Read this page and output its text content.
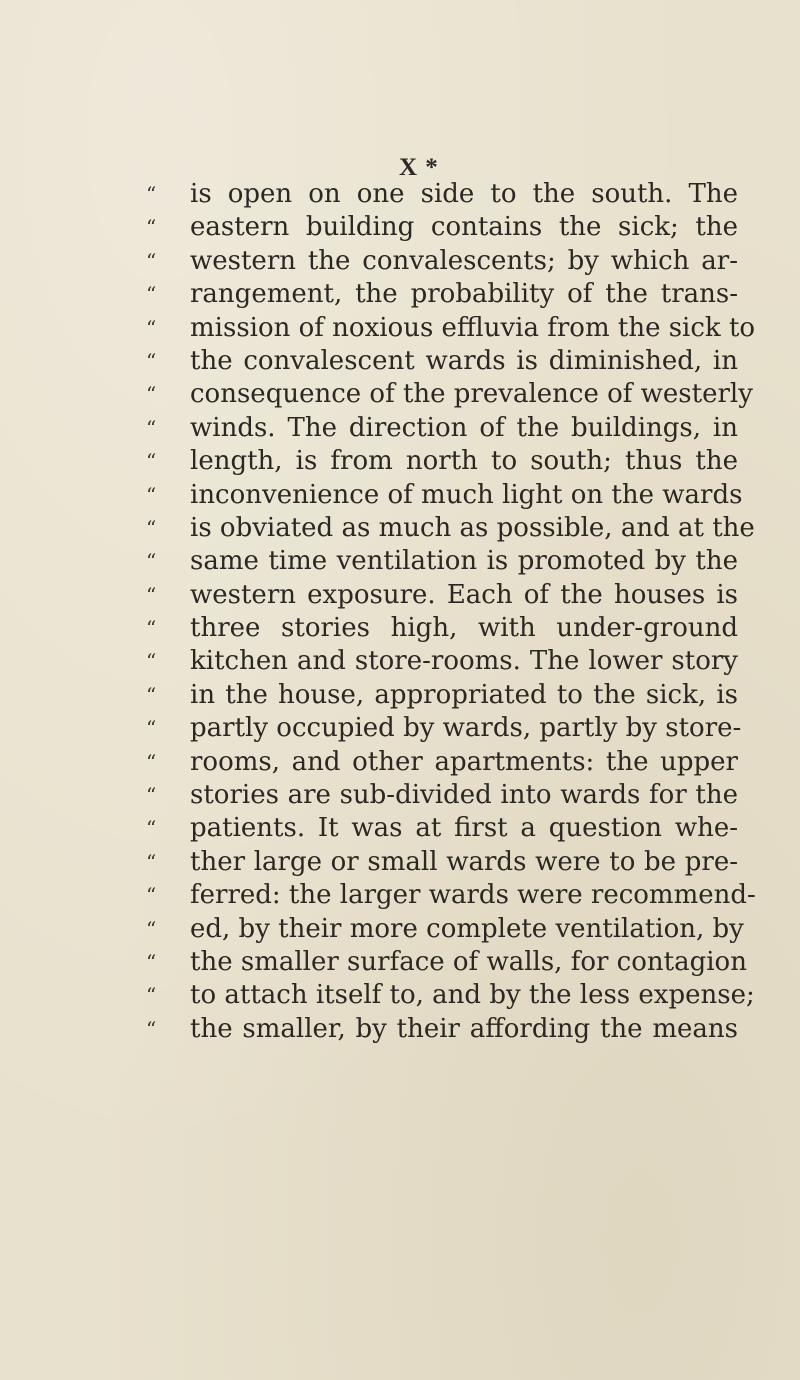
X *
“	is open on one side to the south. The
“	eastern building contains the sick; the
“	western the convalescents; by which ar-
“	rangement, the probability of the trans-
“	mission of noxious effluvia from the sick to
“	the convalescent wards is diminished, in
“	consequence of the prevalence of westerly
“	winds. The direction of the buildings, in
“	length, is from north to south; thus the
“	inconvenience of much light on the wards
“	is obviated as much as possible, and at the
“	same time ventilation is promoted by the
“	western exposure. Each of the houses is
“	three stories high, with under-ground
“	kitchen and store-rooms. The lower story
“	in the house, appropriated to the sick, is
“	partly occupied by wards, partly by store-
“	rooms, and other apartments: the upper
“	stories are sub-divided into wards for the
“	patients. It was at first a question whe-
“	ther large or small wards were to be pre-
“	ferred: the larger wards were recommend-
“	ed, by their more complete ventilation, by
“	the smaller surface of walls, for contagion
“	to attach itself to, and by the less expense;
“	the smaller, by their affording the means
